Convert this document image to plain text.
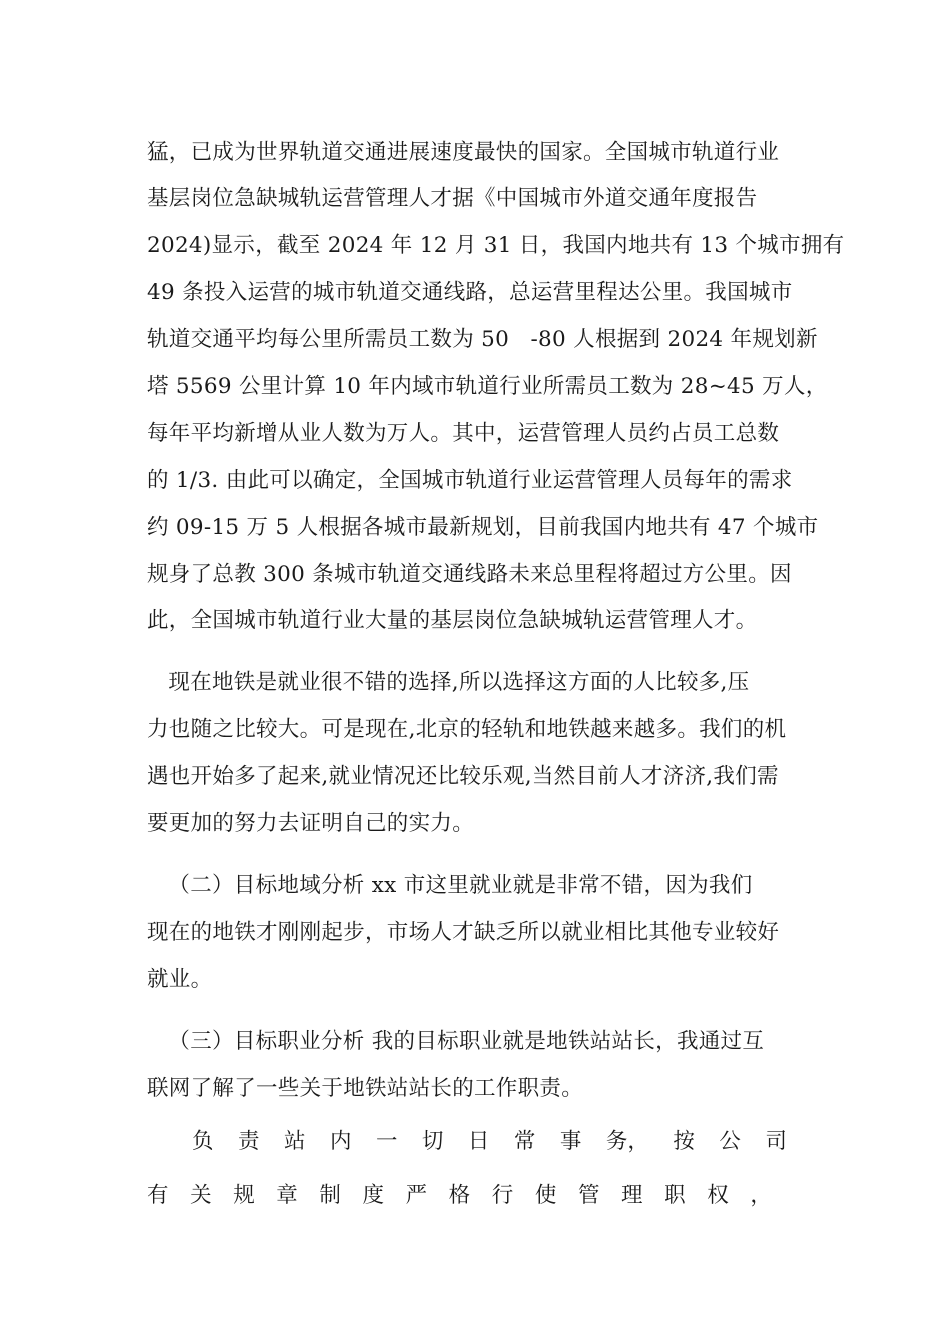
猛，已成为世界轨道交通进展速度最快的国家。全国城市轨道行业
基层岗位急缺城轨运营管理人才据《中国城市外道交通年度报告
2024)显示，截至 2024 年 12 月 31 日，我国内地共有 13 个城市拥有
49 条投入运营的城市轨道交通线路，总运营里程达公里。我国城市
轨道交通平均每公里所需员工数为 50   -80 人根据到 2024 年规划新
塔 5569 公里计算 10 年内域市轨道行业所需员工数为 28~45 万人，
每年平均新增从业人数为万人。其中，运营管理人员约占员工总数
的 1/3. 由此可以确定，全国城市轨道行业运营管理人员每年的需求
约 09-15 万 5 人根据各城市最新规划，目前我国内地共有 47 个城市
规身了总教 300 条城市轨道交通线路未来总里程将超过方公里。因
此，全国城市轨道行业大量的基层岗位急缺城轨运营管理人才。
现在地铁是就业很不错的选择,所以选择这方面的人比较多,压
力也随之比较大。可是现在,北京的轻轨和地铁越来越多。我们的机
遇也开始多了起来,就业情况还比较乐观,当然目前人才济济,我们需
要更加的努力去证明自己的实力。
（二）目标地域分析 xx 市这里就业就是非常不错，因为我们
现在的地铁才刚刚起步，市场人才缺乏所以就业相比其他专业较好
就业。
（三）目标职业分析 我的目标职业就是地铁站站长，我通过互
联网了解了一些关于地铁站站长的工作职责。
负 责 站 内 一 切 日 常 事 务， 按 公 司
有 关 规 章 制 度 严 格 行 使 管 理 职 权 ，
